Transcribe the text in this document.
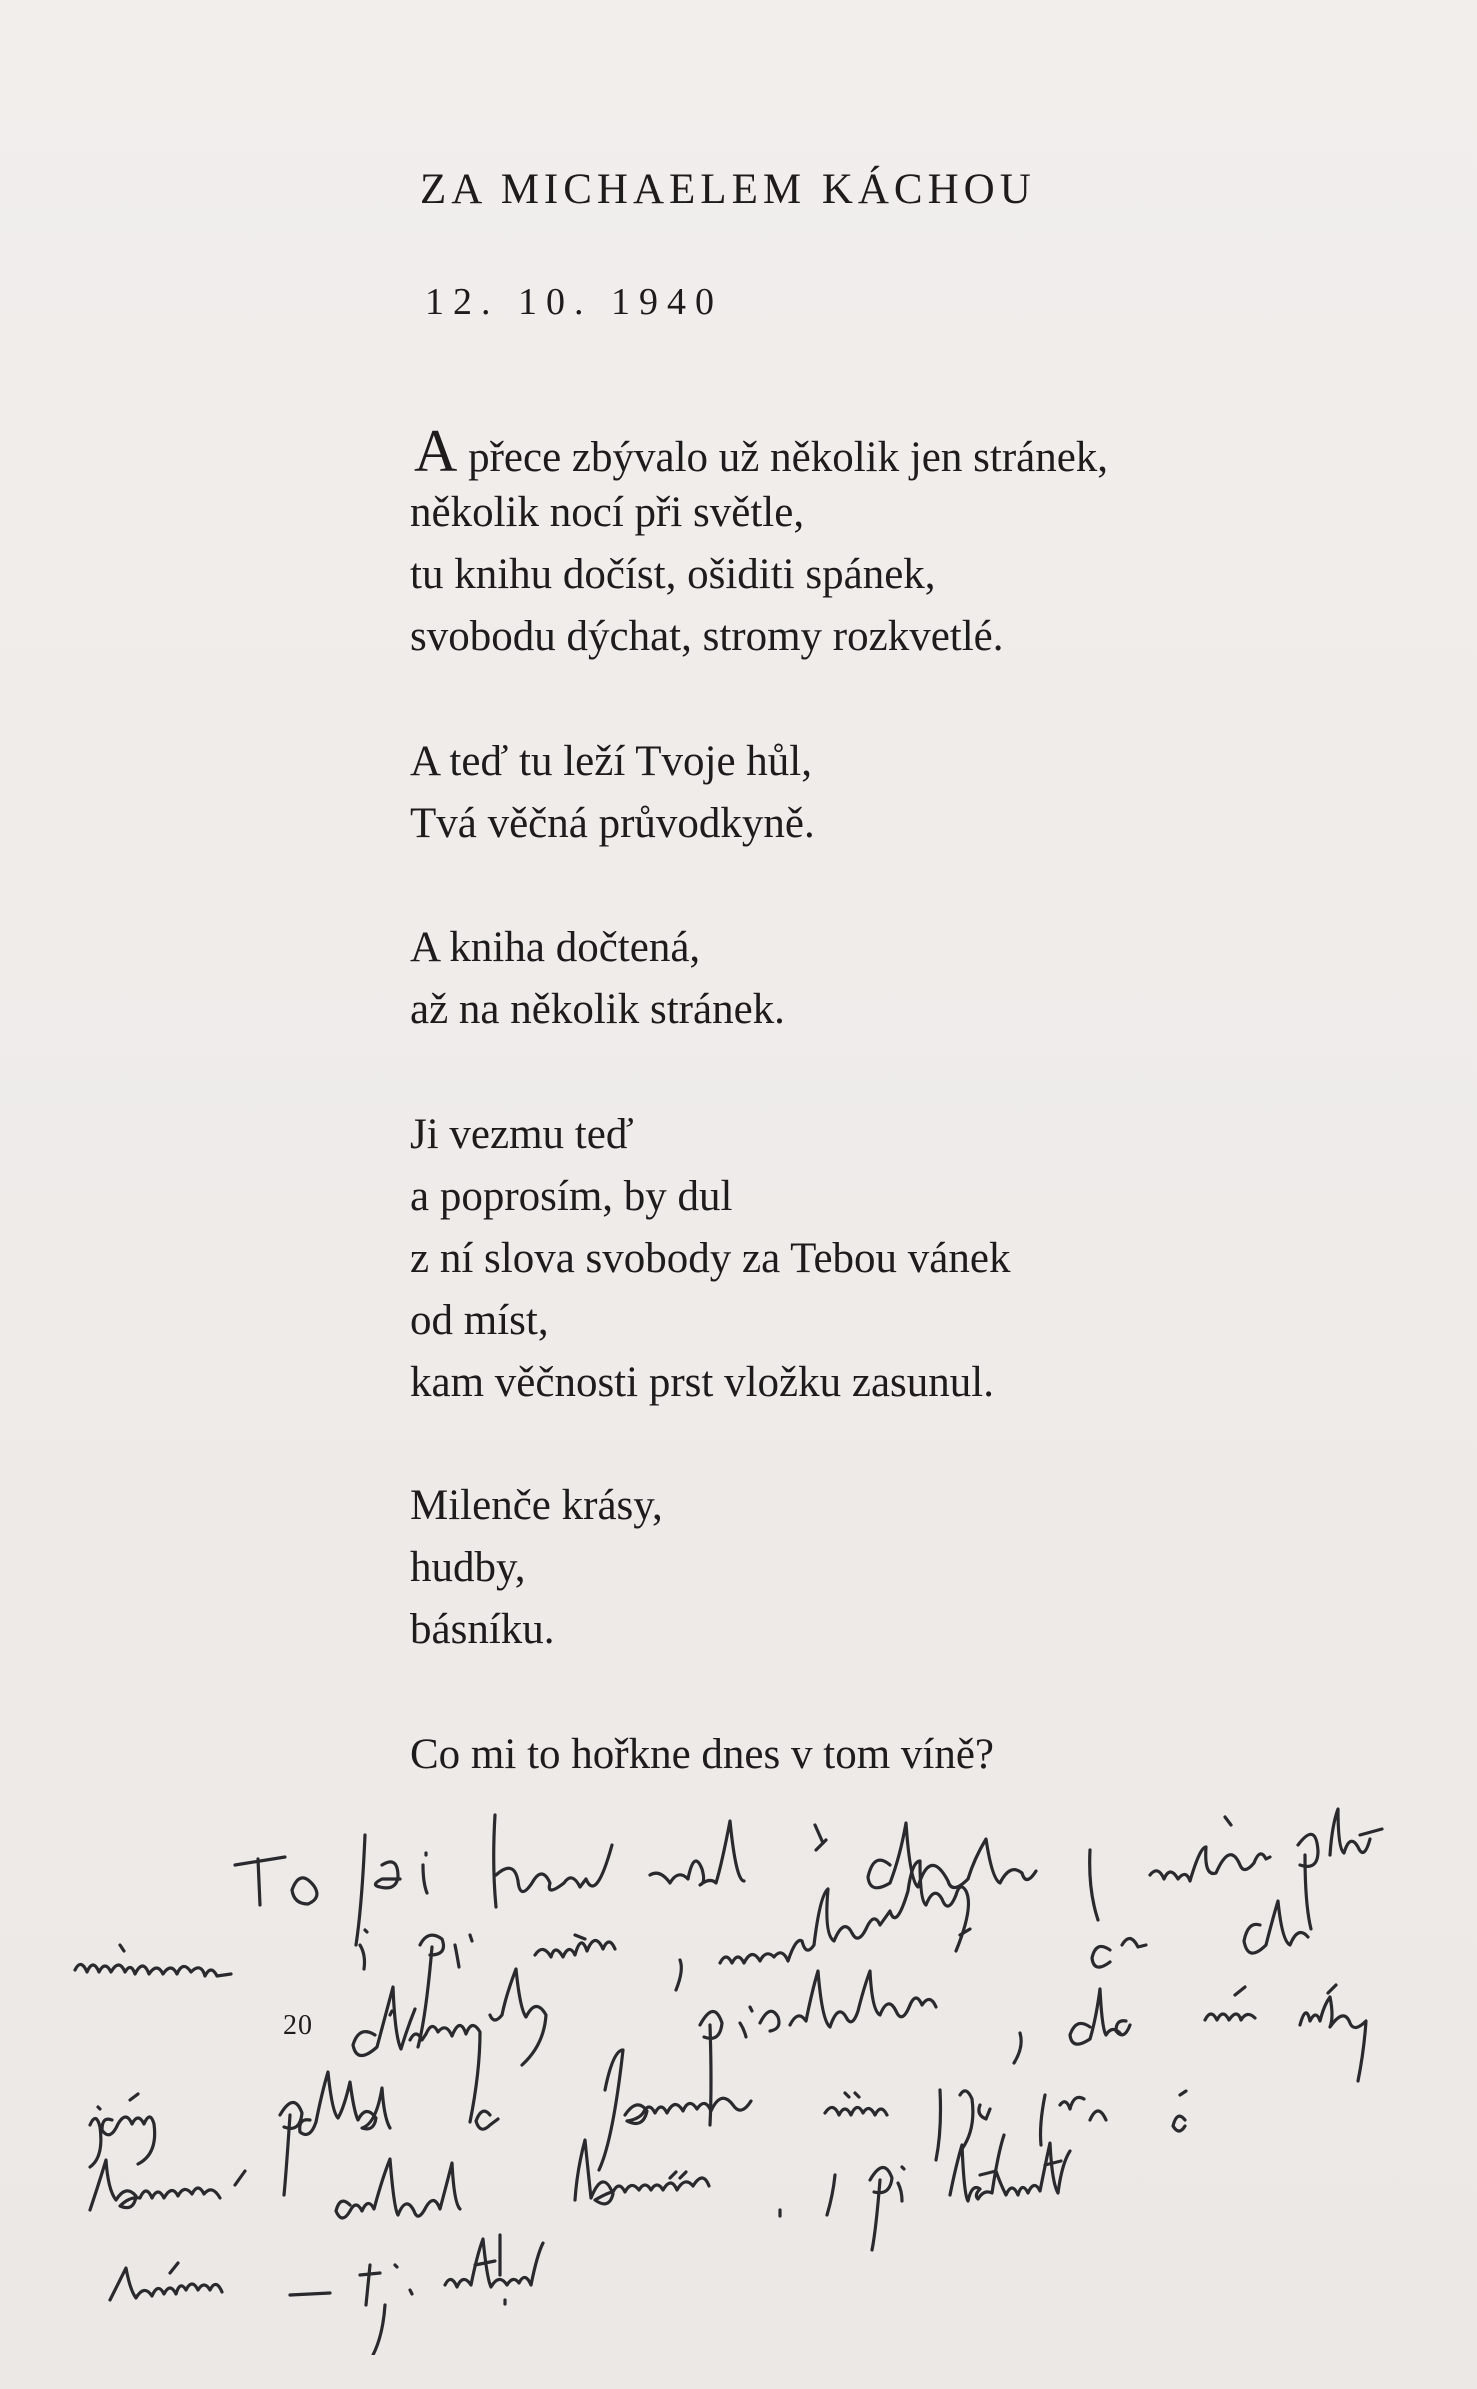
ZA MICHAELEM KÁCHOU
12. 10. 1940
A přece zbývalo už několik jen stránek,
několik nocí při světle,
tu knihu dočíst, ošiditi spánek,
svobodu dýchat, stromy rozkvetlé.
A teď tu leží Tvoje hůl,
Tvá věčná průvodkyně.
A kniha dočtená,
až na několik stránek.
Ji vezmu teď
a poprosím, by dul
z ní slova svobody za Tebou vánek
od míst,
kam věčnosti prst vložku zasunul.
Milenče krásy,
hudby,
básníku.
Co mi to hořkne dnes v tom víně?
20
